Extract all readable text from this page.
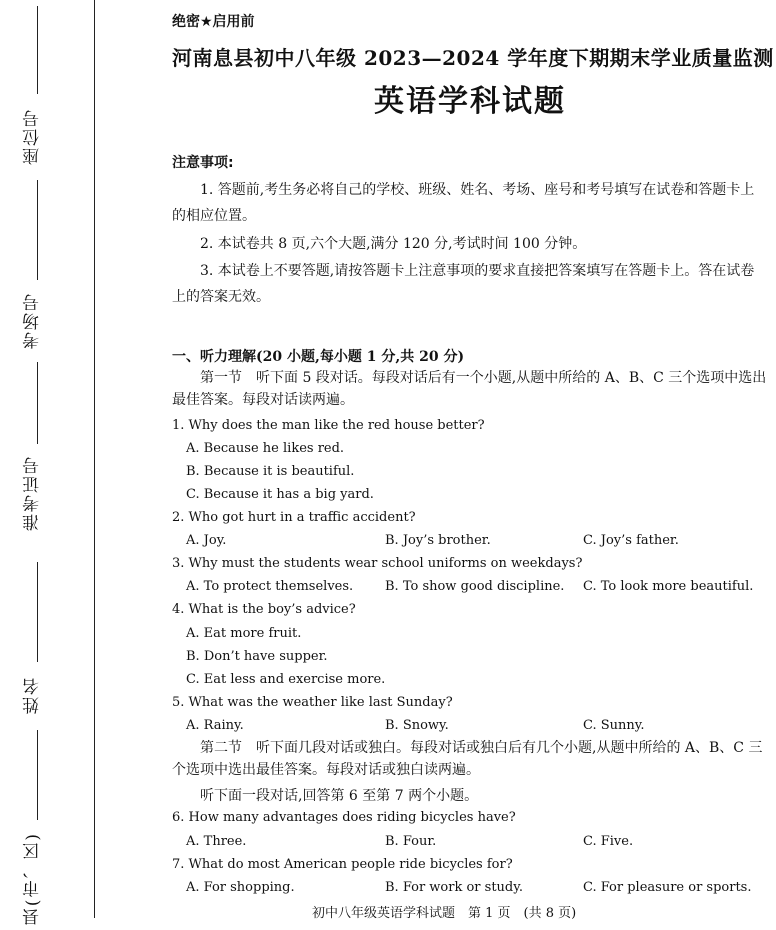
座位号
考场号
准考证号
姓名
县(市、区)
绝密★启用前
河南息县初中八年级 2023—2024 学年度下期期末学业质量监测
英语学科试题
注意事项:
1. 答题前,考生务必将自己的学校、班级、姓名、考场、座号和考号填写在试卷和答题卡上的相应位置。
2. 本试卷共 8 页,六个大题,满分 120 分,考试时间 100 分钟。
3. 本试卷上不要答题,请按答题卡上注意事项的要求直接把答案填写在答题卡上。答在试卷上的答案无效。
一、听力理解(20 小题,每小题 1 分,共 20 分)
第一节　听下面 5 段对话。每段对话后有一个小题,从题中所给的 A、B、C 三个选项中选出最佳答案。每段对话读两遍。
1. Why does the man like the red house better?
A. Because he likes red.
B. Because it is beautiful.
C. Because it has a big yard.
2. Who got hurt in a traffic accident?
A. Joy.	B. Joy’s brother.	C. Joy’s father.
3. Why must the students wear school uniforms on weekdays?
A. To protect themselves. B. To show good discipline. C. To look more beautiful.
4. What is the boy’s advice?
A. Eat more fruit.
B. Don’t have supper.
C. Eat less and exercise more.
5. What was the weather like last Sunday?
A. Rainy.	B. Snowy.	C. Sunny.
第二节　听下面几段对话或独白。每段对话或独白后有几个小题,从题中所给的 A、B、C 三个选项中选出最佳答案。每段对话或独白读两遍。
听下面一段对话,回答第 6 至第 7 两个小题。
6. How many advantages does riding bicycles have?
A. Three.	B. Four.	C. Five.
7. What do most American people ride bicycles for?
A. For shopping.	B. For work or study.	C. For pleasure or sports.
初中八年级英语学科试题　第 1 页　(共 8 页)
